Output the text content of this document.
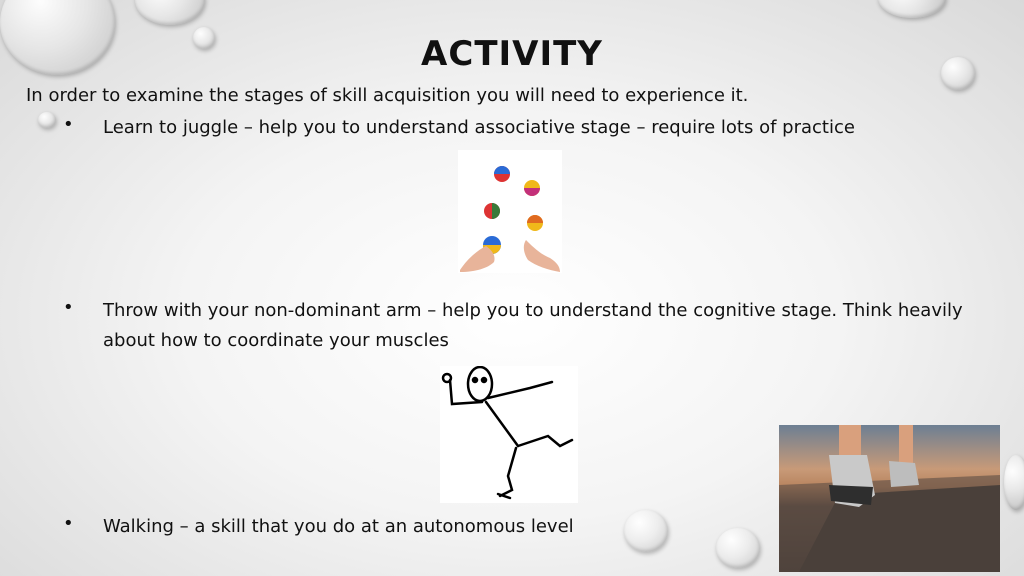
ACTIVITY
In order to examine the stages of skill acquisition you will need to experience it.
• Learn to juggle – help you to understand associative stage – require lots of practice
• Throw with your non-dominant arm – help you to understand the cognitive stage. Think heavily about how to coordinate your muscles
• Walking – a skill that you do at an autonomous level
